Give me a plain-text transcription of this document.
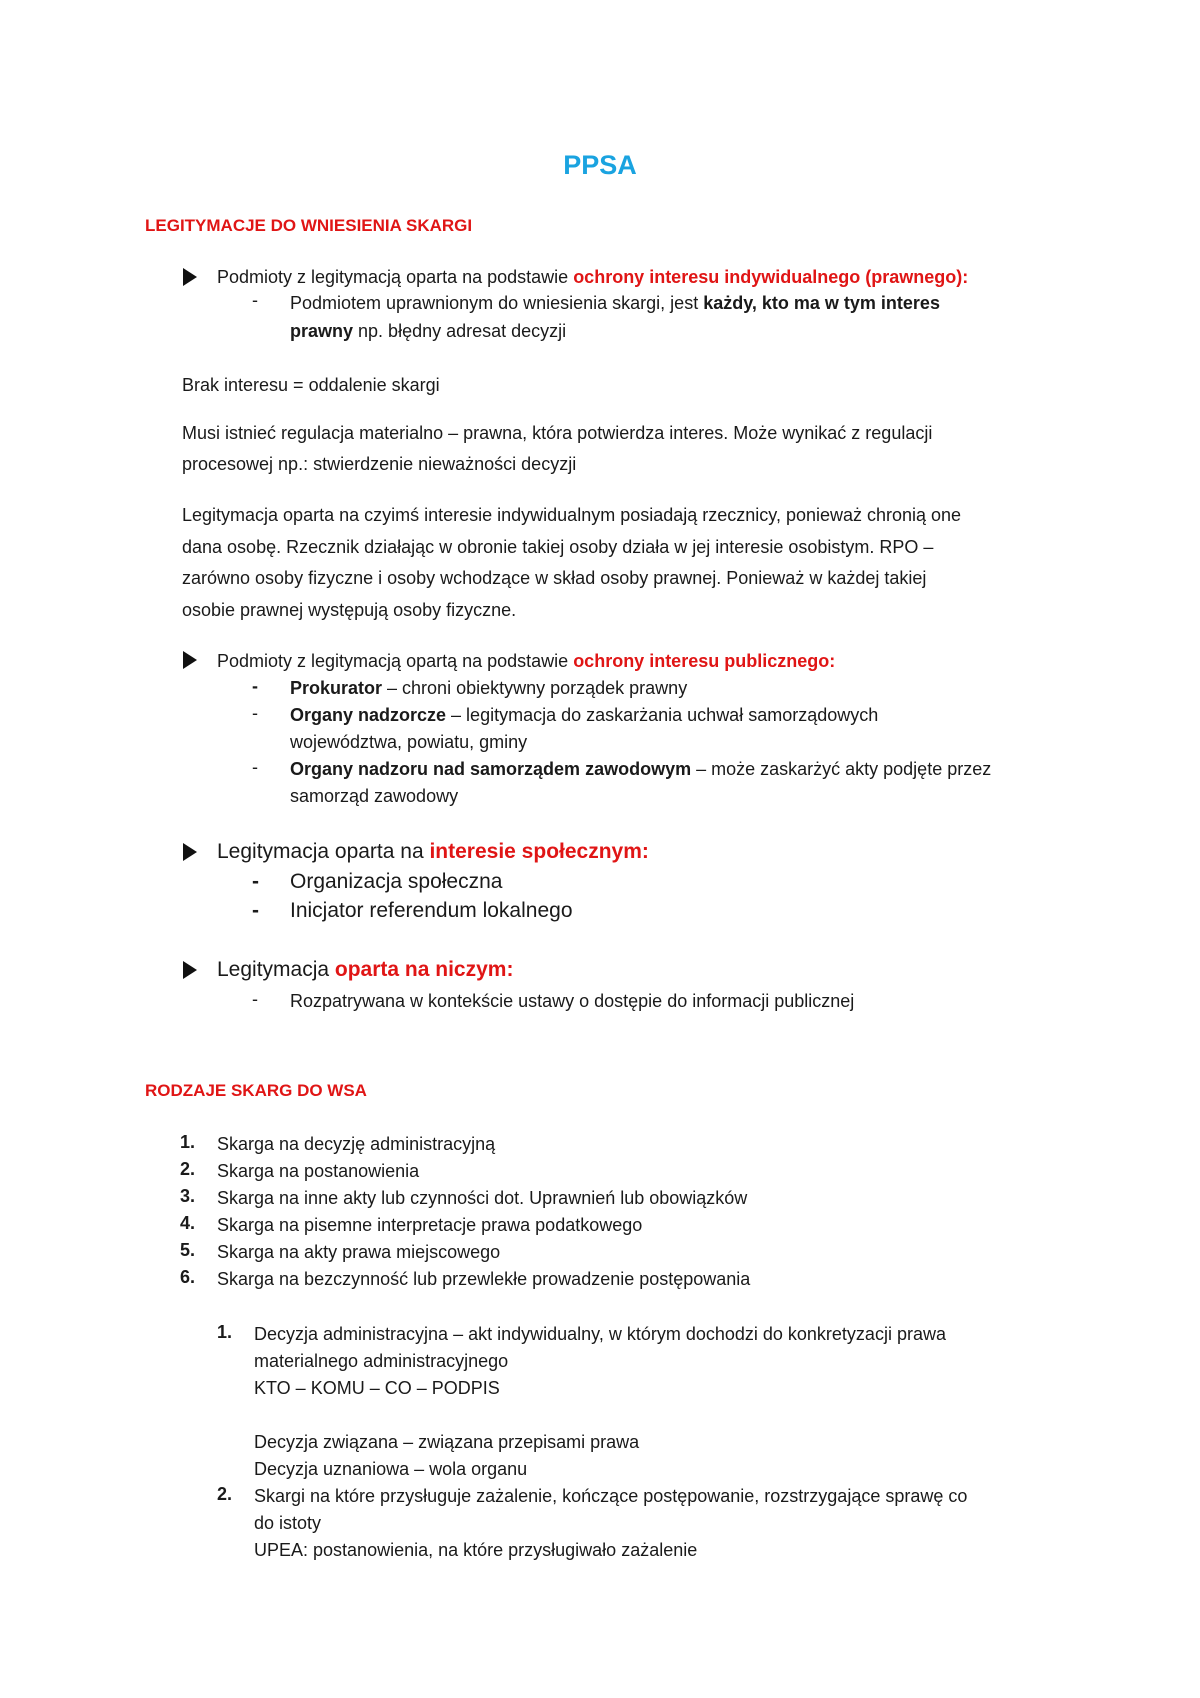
PPSA
LEGITYMACJE DO WNIESIENIA SKARGI
Podmioty z legitymacją oparta na podstawie ochrony interesu indywidualnego (prawnego):
- Podmiotem uprawnionym do wniesienia skargi, jest każdy, kto ma w tym interes
prawny np. błędny adresat decyzji
Brak interesu = oddalenie skargi
Musi istnieć regulacja materialno – prawna, która potwierdza interes. Może wynikać z regulacji
procesowej np.: stwierdzenie nieważności decyzji
Legitymacja oparta na czyimś interesie indywidualnym posiadają rzecznicy, ponieważ chronią one
dana osobę. Rzecznik działając w obronie takiej osoby działa w jej interesie osobistym. RPO –
zarówno osoby fizyczne i osoby wchodzące w skład osoby prawnej. Ponieważ w każdej takiej
osobie prawnej występują osoby fizyczne.
Podmioty z legitymacją opartą na podstawie ochrony interesu publicznego:
- Prokurator – chroni obiektywny porządek prawny
- Organy nadzorcze – legitymacja do zaskarżania uchwał samorządowych
województwa, powiatu, gminy
- Organy nadzoru nad samorządem zawodowym – może zaskarżyć akty podjęte przez
samorząd zawodowy
Legitymacja oparta na interesie społecznym:
- Organizacja społeczna
- Inicjator referendum lokalnego
Legitymacja oparta na niczym:
- Rozpatrywana w kontekście ustawy o dostępie do informacji publicznej
RODZAJE SKARG DO WSA
1. Skarga na decyzję administracyjną
2. Skarga na postanowienia
3. Skarga na inne akty lub czynności dot. Uprawnień lub obowiązków
4. Skarga na pisemne interpretacje prawa podatkowego
5. Skarga na akty prawa miejscowego
6. Skarga na bezczynność lub przewlekłe prowadzenie postępowania
1. Decyzja administracyjna – akt indywidualny, w którym dochodzi do konkretyzacji prawa
materialnego administracyjnego
KTO – KOMU – CO – PODPIS
Decyzja związana – związana przepisami prawa
Decyzja uznaniowa – wola organu
2. Skargi na które przysługuje zażalenie, kończące postępowanie, rozstrzygające sprawę co
do istoty
UPEA: postanowienia, na które przysługiwało zażalenie
